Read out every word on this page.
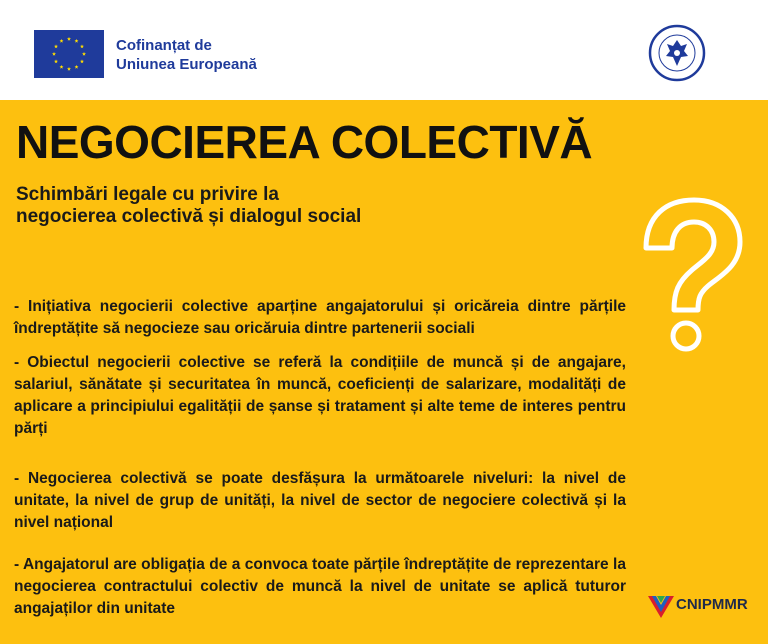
Cofinanțat de
Uniunea Europeană
NEGOCIEREA COLECTIVĂ
Schimbări legale cu privire la
negocierea colectivă și dialogul social
- Inițiativa negocierii colective aparține angajatorului și oricăreia dintre părțile îndreptățite să negocieze sau oricăruia dintre partenerii sociali
- Obiectul negocierii colective se referă la condițiile de muncă și de angajare, salariul, sănătate și securitatea în muncă, coeficienți de salarizare, modalități de aplicare a principiului egalității de șanse și tratament și alte teme de interes pentru părți
- Negocierea colectivă se poate desfășura la următoarele niveluri: la nivel de unitate, la nivel de grup de unități, la nivel de sector de negociere colectivă și la nivel național
- Angajatorul are obligația de a convoca toate părțile îndreptățite de reprezentare la negocierea contractului colectiv de muncă la nivel de unitate se aplică tuturor angajaților din unitate	CNIPMMR
